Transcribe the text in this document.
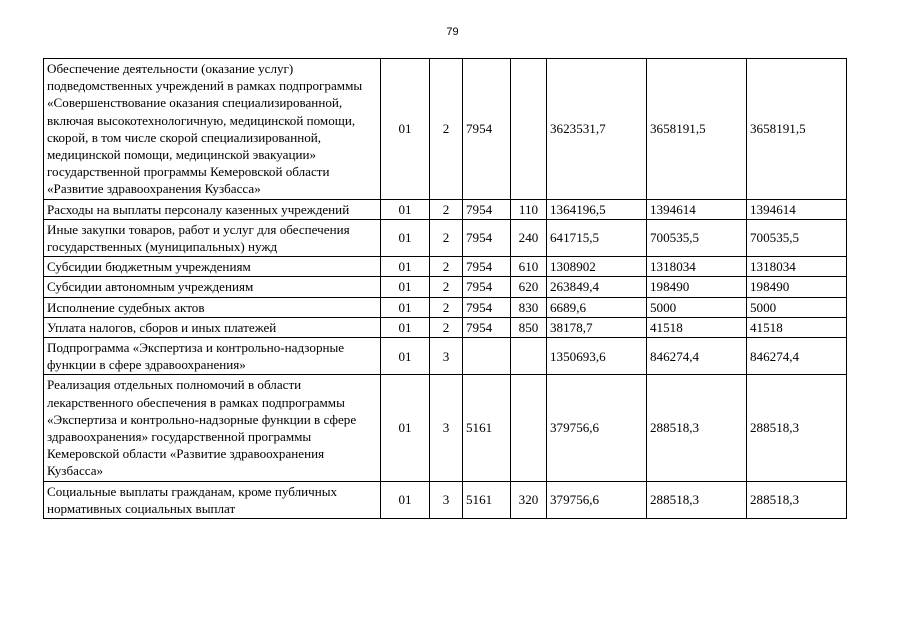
79
Обеспечение деятельности (оказание услуг) подведомственных учреждений в рамках подпрограммы «Совершенствование оказания специализированной, включая высокотехнологичную, медицинской помощи, скорой, в том числе скорой специализированной, медицинской помощи, медицинской эвакуации» государственной программы Кемеровской области «Развитие здравоохранения Кузбасса»	01	2	7954		3623531,7	3658191,5	3658191,5
Расходы на выплаты персоналу казенных учреждений	01	2	7954	110	1364196,5	1394614	1394614
Иные закупки товаров, работ и услуг для обеспечения государственных (муниципальных) нужд	01	2	7954	240	641715,5	700535,5	700535,5
Субсидии бюджетным учреждениям	01	2	7954	610	1308902	1318034	1318034
Субсидии автономным учреждениям	01	2	7954	620	263849,4	198490	198490
Исполнение судебных актов	01	2	7954	830	6689,6	5000	5000
Уплата налогов, сборов и иных платежей	01	2	7954	850	38178,7	41518	41518
Подпрограмма «Экспертиза и контрольно-надзорные функции в сфере здравоохранения»	01	3			1350693,6	846274,4	846274,4
Реализация отдельных полномочий в области лекарственного обеспечения в рамках подпрограммы «Экспертиза и контрольно-надзорные функции в сфере здравоохранения» государственной программы Кемеровской области «Развитие здравоохранения Кузбасса»	01	3	5161		379756,6	288518,3	288518,3
Социальные выплаты гражданам, кроме публичных нормативных социальных выплат	01	3	5161	320	379756,6	288518,3	288518,3
